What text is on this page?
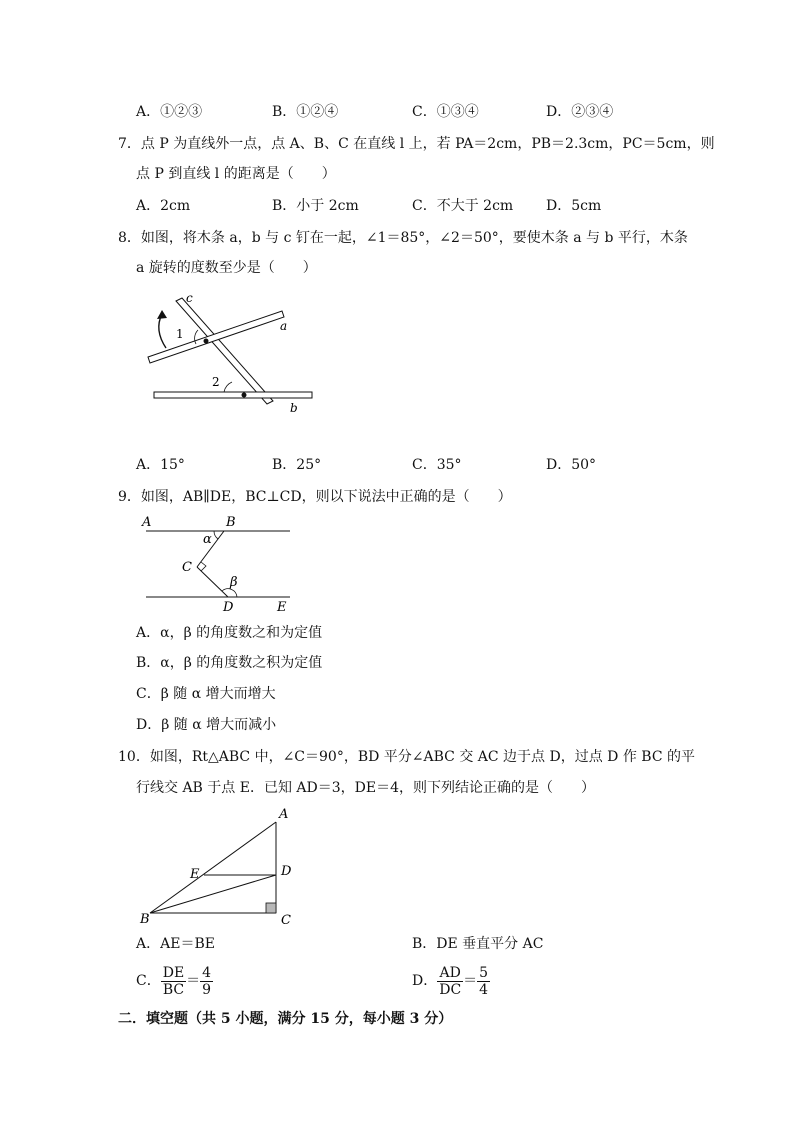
A．①②③	B．①②④	C．①③④	D．②③④
7．点 P 为直线外一点，点 A、B、C 在直线 l 上，若 PA＝2cm，PB＝2.3cm，PC＝5cm，则
点 P 到直线 l 的距离是（　　）
A．2cm	B．小于 2cm	C．不大于 2cm D．5cm
8．如图，将木条 a，b 与 c 钉在一起，∠1＝85°，∠2＝50°，要使木条 a 与 b 平行，木条
a 旋转的度数至少是（　　）
c
a
b
1
2
A．15°	B．25°	C．35°	D．50°
9．如图，AB∥DE，BC⊥CD，则以下说法中正确的是（　　）
A	B
C
D	E
α
β
A．α，β 的角度数之和为定值
B．α，β 的角度数之积为定值
C．β 随 α 增大而增大
D．β 随 α 增大而减小
10．如图，Rt△ABC 中，∠C＝90°，BD 平分∠ABC 交 AC 边于点 D，过点 D 作 BC 的平
行线交 AB 于点 E．已知 AD＝3，DE＝4，则下列结论正确的是（　　）
A
B	C
D
E
A．AE＝BE	B．DE 垂直平分 AC
C． $\frac{DE}{BC} = \frac{4}{9}$	D． $\frac{AD}{DC} = \frac{5}{4}$
二．填空题（共 5 小题，满分 15 分，每小题 3 分）
